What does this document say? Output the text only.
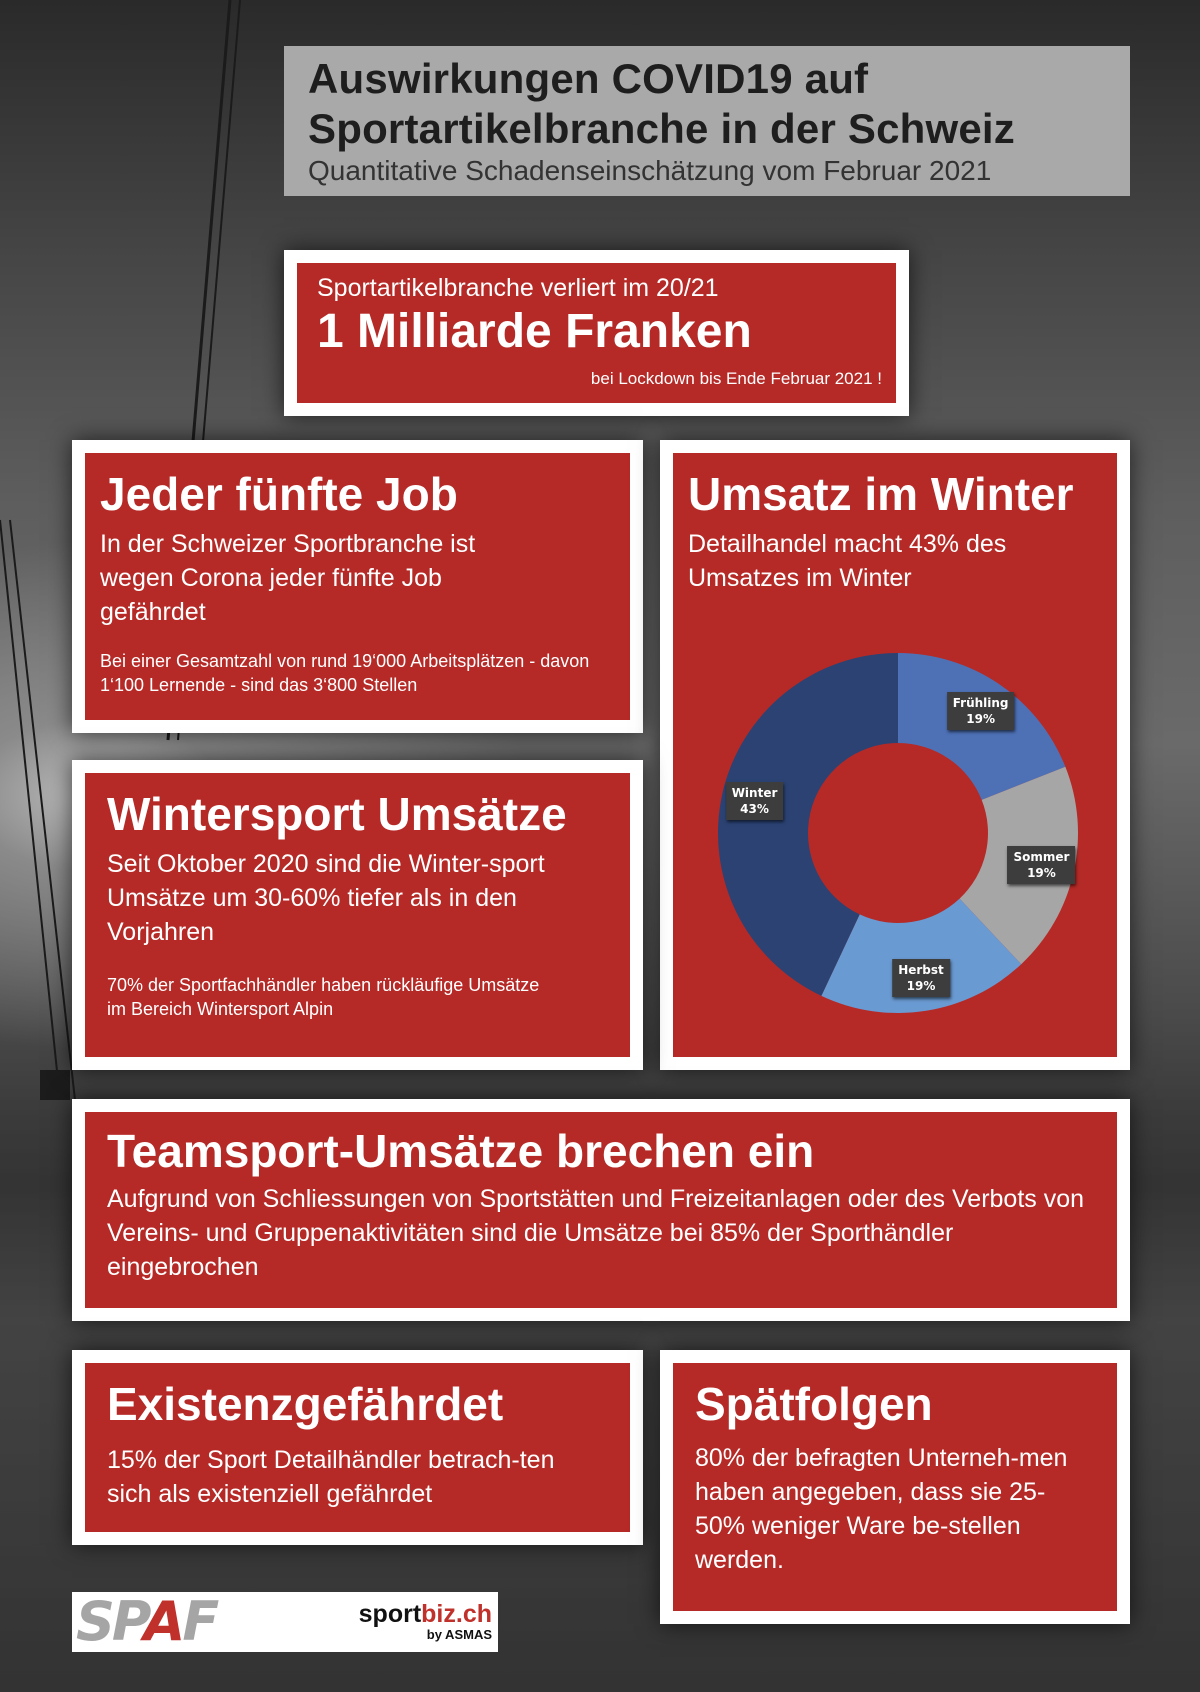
Auswirkungen COVID19 auf Sportartikelbranche in der Schweiz
Quantitative Schadenseinschätzung vom Februar 2021
Sportartikelbranche verliert im 20/21
1 Milliarde Franken
bei Lockdown bis Ende Februar 2021 !
Jeder fünfte Job
In der Schweizer Sportbranche ist wegen Corona jeder fünfte Job gefährdet
Bei einer Gesamtzahl von rund 19‘000 Arbeitsplätzen - davon 1‘100 Lernende - sind das 3‘800 Stellen
Umsatz im Winter
Detailhandel macht 43% des Umsatzes im Winter
Frühling
19%
Sommer
19%
Herbst
19%
Winter
43%
Wintersport Umsätze
Seit Oktober 2020 sind die Winter-sport Umsätze um 30-60% tiefer als in den Vorjahren
70% der Sportfachhändler haben rückläufige Umsätze im Bereich Wintersport Alpin
Teamsport-Umsätze brechen ein
Aufgrund von Schliessungen von Sportstätten und Freizeitanlagen oder des Verbots von Vereins- und Gruppenaktivitäten sind die Umsätze bei 85% der Sporthändler eingebrochen
Existenzgefährdet
15% der Sport Detailhändler betrach-ten sich als existenziell gefährdet
Spätfolgen
80% der befragten Unterneh-men haben angegeben, dass sie 25-50% weniger Ware be-stellen werden.
SPAF	sportbiz.ch
by ASMAS
